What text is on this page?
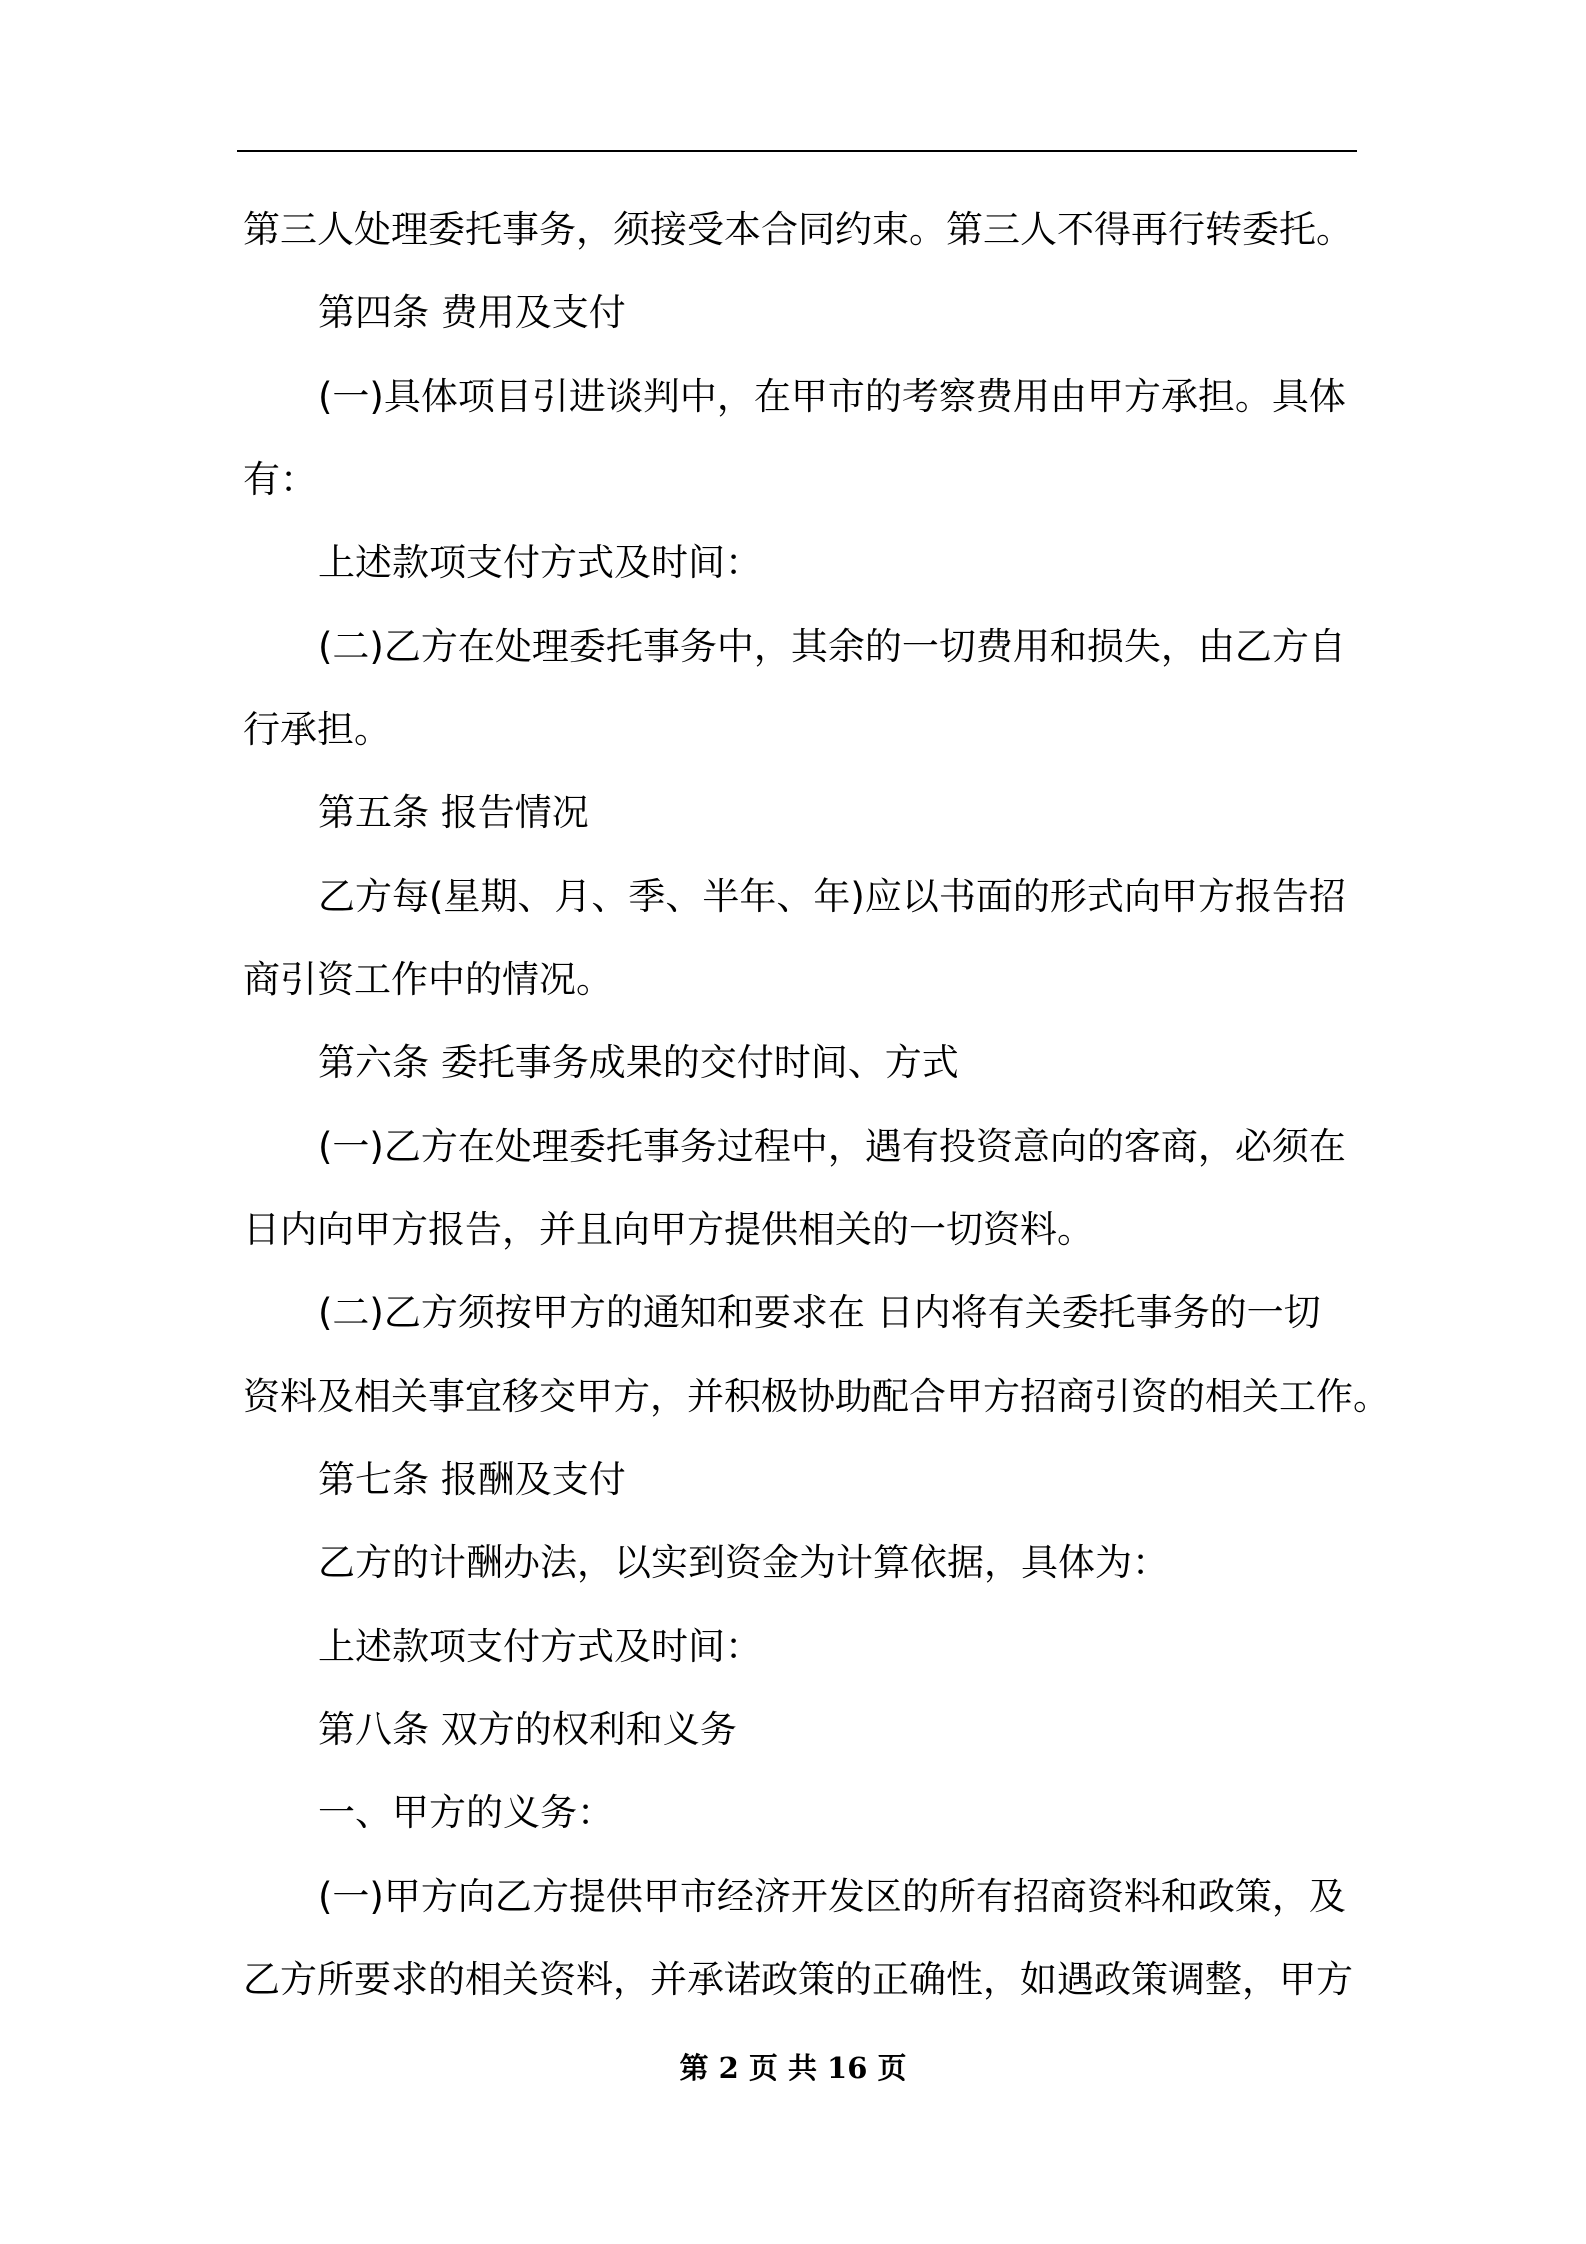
第三人处理委托事务，须接受本合同约束。第三人不得再行转委托。
第四条 费用及支付
(一)具体项目引进谈判中，在甲市的考察费用由甲方承担。具体
有：
上述款项支付方式及时间：
(二)乙方在处理委托事务中，其余的一切费用和损失，由乙方自
行承担。
第五条 报告情况
乙方每(星期、月、季、半年、年)应以书面的形式向甲方报告招
商引资工作中的情况。
第六条 委托事务成果的交付时间、方式
(一)乙方在处理委托事务过程中，遇有投资意向的客商，必须在
日内向甲方报告，并且向甲方提供相关的一切资料。
(二)乙方须按甲方的通知和要求在 日内将有关委托事务的一切
资料及相关事宜移交甲方，并积极协助配合甲方招商引资的相关工作。
第七条 报酬及支付
乙方的计酬办法，以实到资金为计算依据，具体为：
上述款项支付方式及时间：
第八条 双方的权利和义务
一、甲方的义务：
(一)甲方向乙方提供甲市经济开发区的所有招商资料和政策，及
乙方所要求的相关资料，并承诺政策的正确性，如遇政策调整，甲方
第 2 页 共 16 页
